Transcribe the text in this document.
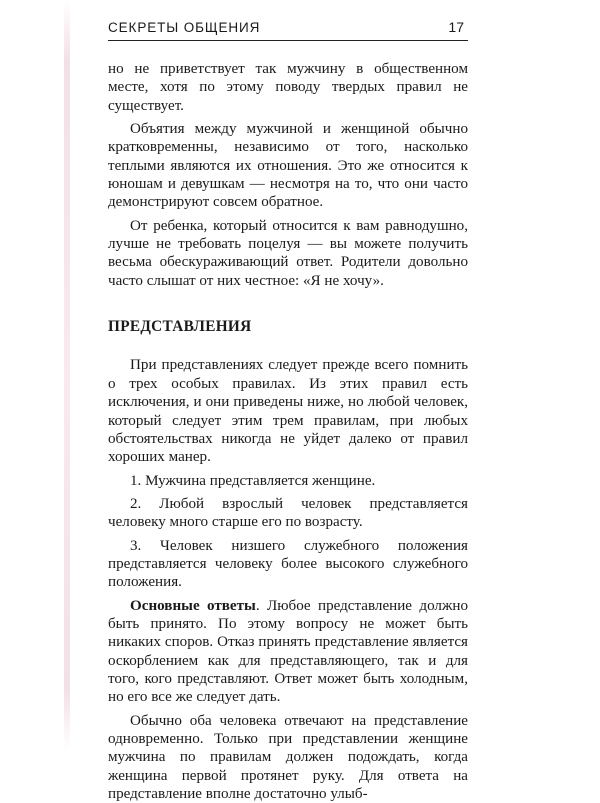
СЕКРЕТЫ ОБЩЕНИЯ	17

но не приветствует так мужчину в общественном месте, хотя по этому поводу твердых правил не существует.

Объятия между мужчиной и женщиной обычно кратковременны, независимо от того, насколько теплыми являются их отношения. Это же относится к юношам и девушкам — несмотря на то, что они часто демонстрируют совсем обратное.

От ребенка, который относится к вам равнодушно, лучше не требовать поцелуя — вы можете получить весьма обескураживающий ответ. Родители довольно часто слышат от них честное: «Я не хочу».

ПРЕДСТАВЛЕНИЯ

При представлениях следует прежде всего помнить о трех особых правилах. Из этих правил есть исключения, и они приведены ниже, но любой человек, который следует этим трем правилам, при любых обстоятельствах никогда не уйдет далеко от правил хороших манер.

1. Мужчина представляется женщине.

2. Любой взрослый человек представляется человеку много старше его по возрасту.

3. Человек низшего служебного положения представляется человеку более высокого служебного положения.

Основные ответы. Любое представление должно быть принято. По этому вопросу не может быть никаких споров. Отказ принять представление является оскорблением как для представляющего, так и для того, кого представляют. Ответ может быть холодным, но его все же следует дать.

Обычно оба человека отвечают на представление одновременно. Только при представлении женщине мужчина по правилам должен подождать, когда женщина первой протянет руку. Для ответа на представление вполне достаточно улыб-
